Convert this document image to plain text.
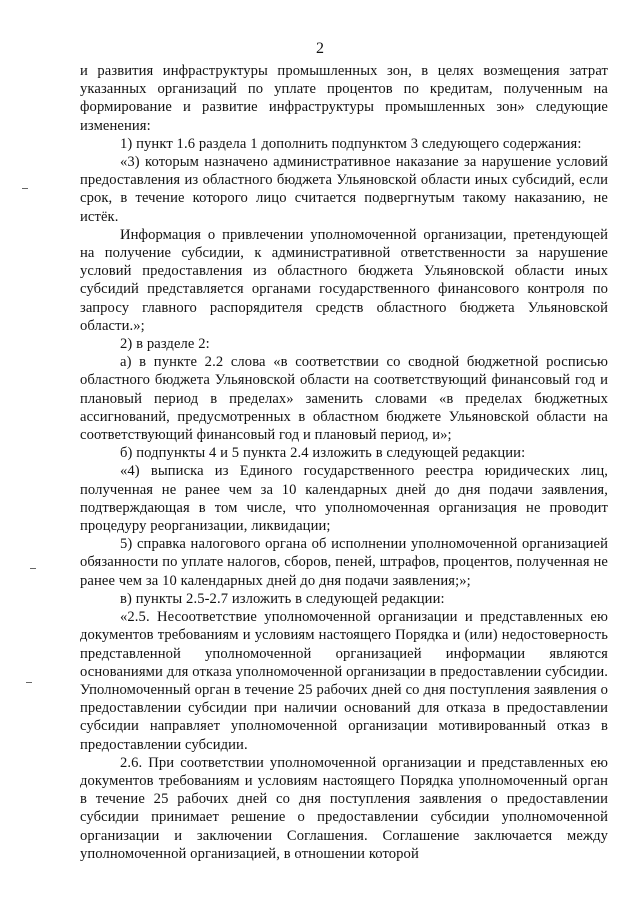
2

и развития инфраструктуры промышленных зон, в целях возмещения затрат указанных организаций по уплате процентов по кредитам, полученным на формирование и развитие инфраструктуры промышленных зон» следующие изменения:

1) пункт 1.6 раздела 1 дополнить подпунктом 3 следующего содержания:

«3) которым назначено административное наказание за нарушение условий предоставления из областного бюджета Ульяновской области иных субсидий, если срок, в течение которого лицо считается подвергнутым такому наказанию, не истёк.

Информация о привлечении уполномоченной организации, претендующей на получение субсидии, к административной ответственности за нарушение условий предоставления из областного бюджета Ульяновской области иных субсидий представляется органами государственного финансового контроля по запросу главного распорядителя средств областного бюджета Ульяновской области.»;

2) в разделе 2:

а) в пункте 2.2 слова «в соответствии со сводной бюджетной росписью областного бюджета Ульяновской области на соответствующий финансовый год и плановый период в пределах» заменить словами «в пределах бюджетных ассигнований, предусмотренных в областном бюджете Ульяновской области на соответствующий финансовый год и плановый период, и»;

б) подпункты 4 и 5 пункта 2.4 изложить в следующей редакции:

«4) выписка из Единого государственного реестра юридических лиц, полученная не ранее чем за 10 календарных дней до дня подачи заявления, подтверждающая в том числе, что уполномоченная организация не проводит процедуру реорганизации, ликвидации;

5) справка налогового органа об исполнении уполномоченной организацией обязанности по уплате налогов, сборов, пеней, штрафов, процентов, полученная не ранее чем за 10 календарных дней до дня подачи заявления;»;

в) пункты 2.5-2.7 изложить в следующей редакции:

«2.5. Несоответствие уполномоченной организации и представленных ею документов требованиям и условиям настоящего Порядка и (или) недостоверность представленной уполномоченной организацией информации являются основаниями для отказа уполномоченной организации в предоставлении субсидии. Уполномоченный орган в течение 25 рабочих дней со дня поступления заявления о предоставлении субсидии при наличии оснований для отказа в предоставлении субсидии направляет уполномоченной организации мотивированный отказ в предоставлении субсидии.

2.6. При соответствии уполномоченной организации и представленных ею документов требованиям и условиям настоящего Порядка уполномоченный орган в течение 25 рабочих дней со дня поступления заявления о предоставлении субсидии принимает решение о предоставлении субсидии уполномоченной организации и заключении Соглашения. Соглашение заключается между уполномоченной организацией, в отношении которой
